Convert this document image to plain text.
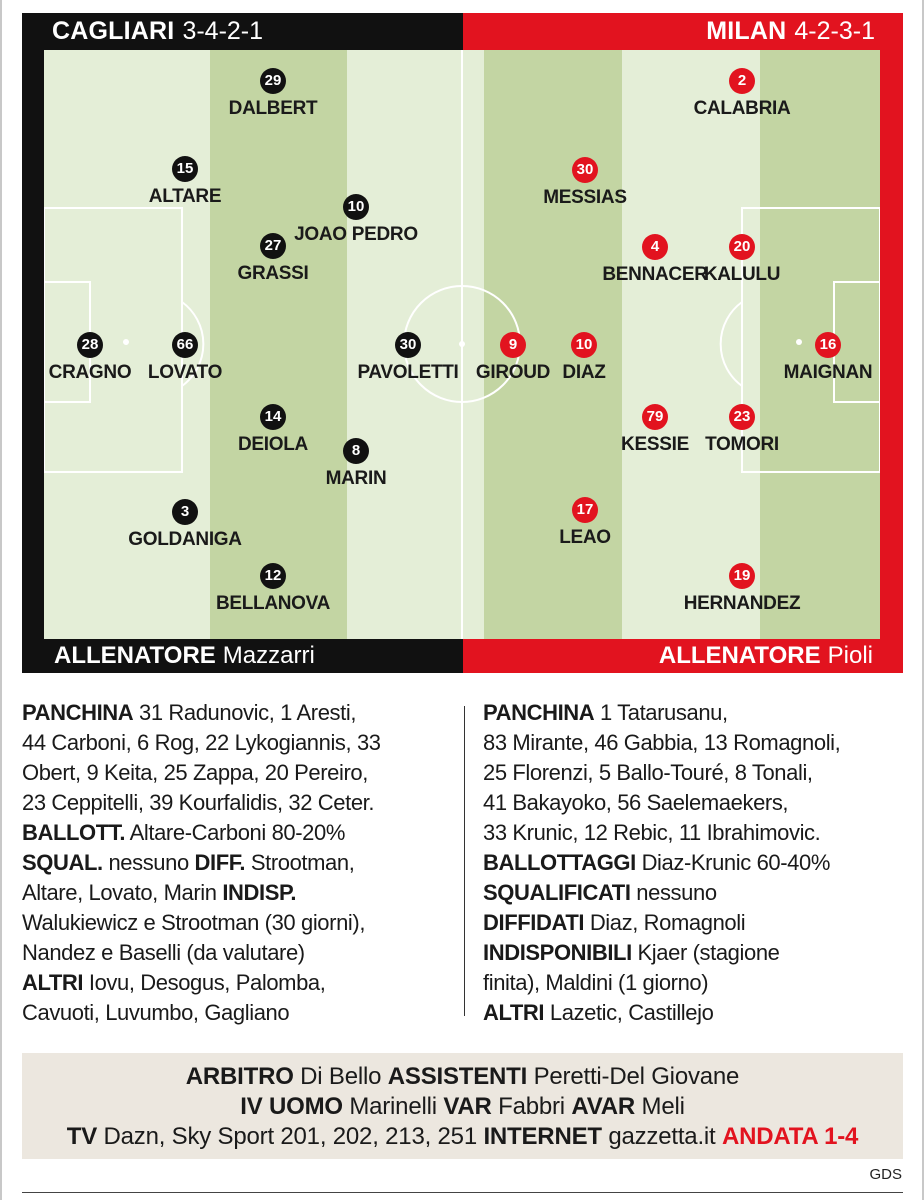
CAGLIARI 3-4-2-1	MILAN 4-2-3-1
29
DALBERT
15
ALTARE	10
JOAO PEDRO
27
GRASSI
28
CRAGNO
66
LOVATO
30
PAVOLETTI
14
DEIOLA	8
MARIN
3
GOLDANIGA
12
BELLANOVA
2
CALABRIA
30
MESSIAS
4
BENNACER
20
KALULU
9
GIROUD
10
DIAZ
16
MAIGNAN
79
KESSIE
23
TOMORI
17
LEAO
19
HERNANDEZ
ALLENATORE Mazzarri	ALLENATORE Pioli
PANCHINA 31 Radunovic, 1 Aresti,
44 Carboni, 6 Rog, 22 Lykogiannis, 33
Obert, 9 Keita, 25 Zappa, 20 Pereiro,
23 Ceppitelli, 39 Kourfalidis, 32 Ceter.
BALLOTT. Altare-Carboni 80-20%
SQUAL. nessuno DIFF. Strootman,
Altare, Lovato, Marin INDISP.
Walukiewicz e Strootman (30 giorni),
Nandez e Baselli (da valutare)
ALTRI Iovu, Desogus, Palomba,
Cavuoti, Luvumbo, Gagliano
PANCHINA 1 Tatarusanu,
83 Mirante, 46 Gabbia, 13 Romagnoli,
25 Florenzi, 5 Ballo-Touré, 8 Tonali,
41 Bakayoko, 56 Saelemaekers,
33 Krunic, 12 Rebic, 11 Ibrahimovic.
BALLOTTAGGI Diaz-Krunic 60-40%
SQUALIFICATI nessuno
DIFFIDATI Diaz, Romagnoli
INDISPONIBILI Kjaer (stagione
finita), Maldini (1 giorno)
ALTRI Lazetic, Castillejo
ARBITRO Di Bello ASSISTENTI Peretti-Del Giovane
IV UOMO Marinelli VAR Fabbri AVAR Meli
TV Dazn, Sky Sport 201, 202, 213, 251 INTERNET gazzetta.it ANDATA 1-4
GDS
